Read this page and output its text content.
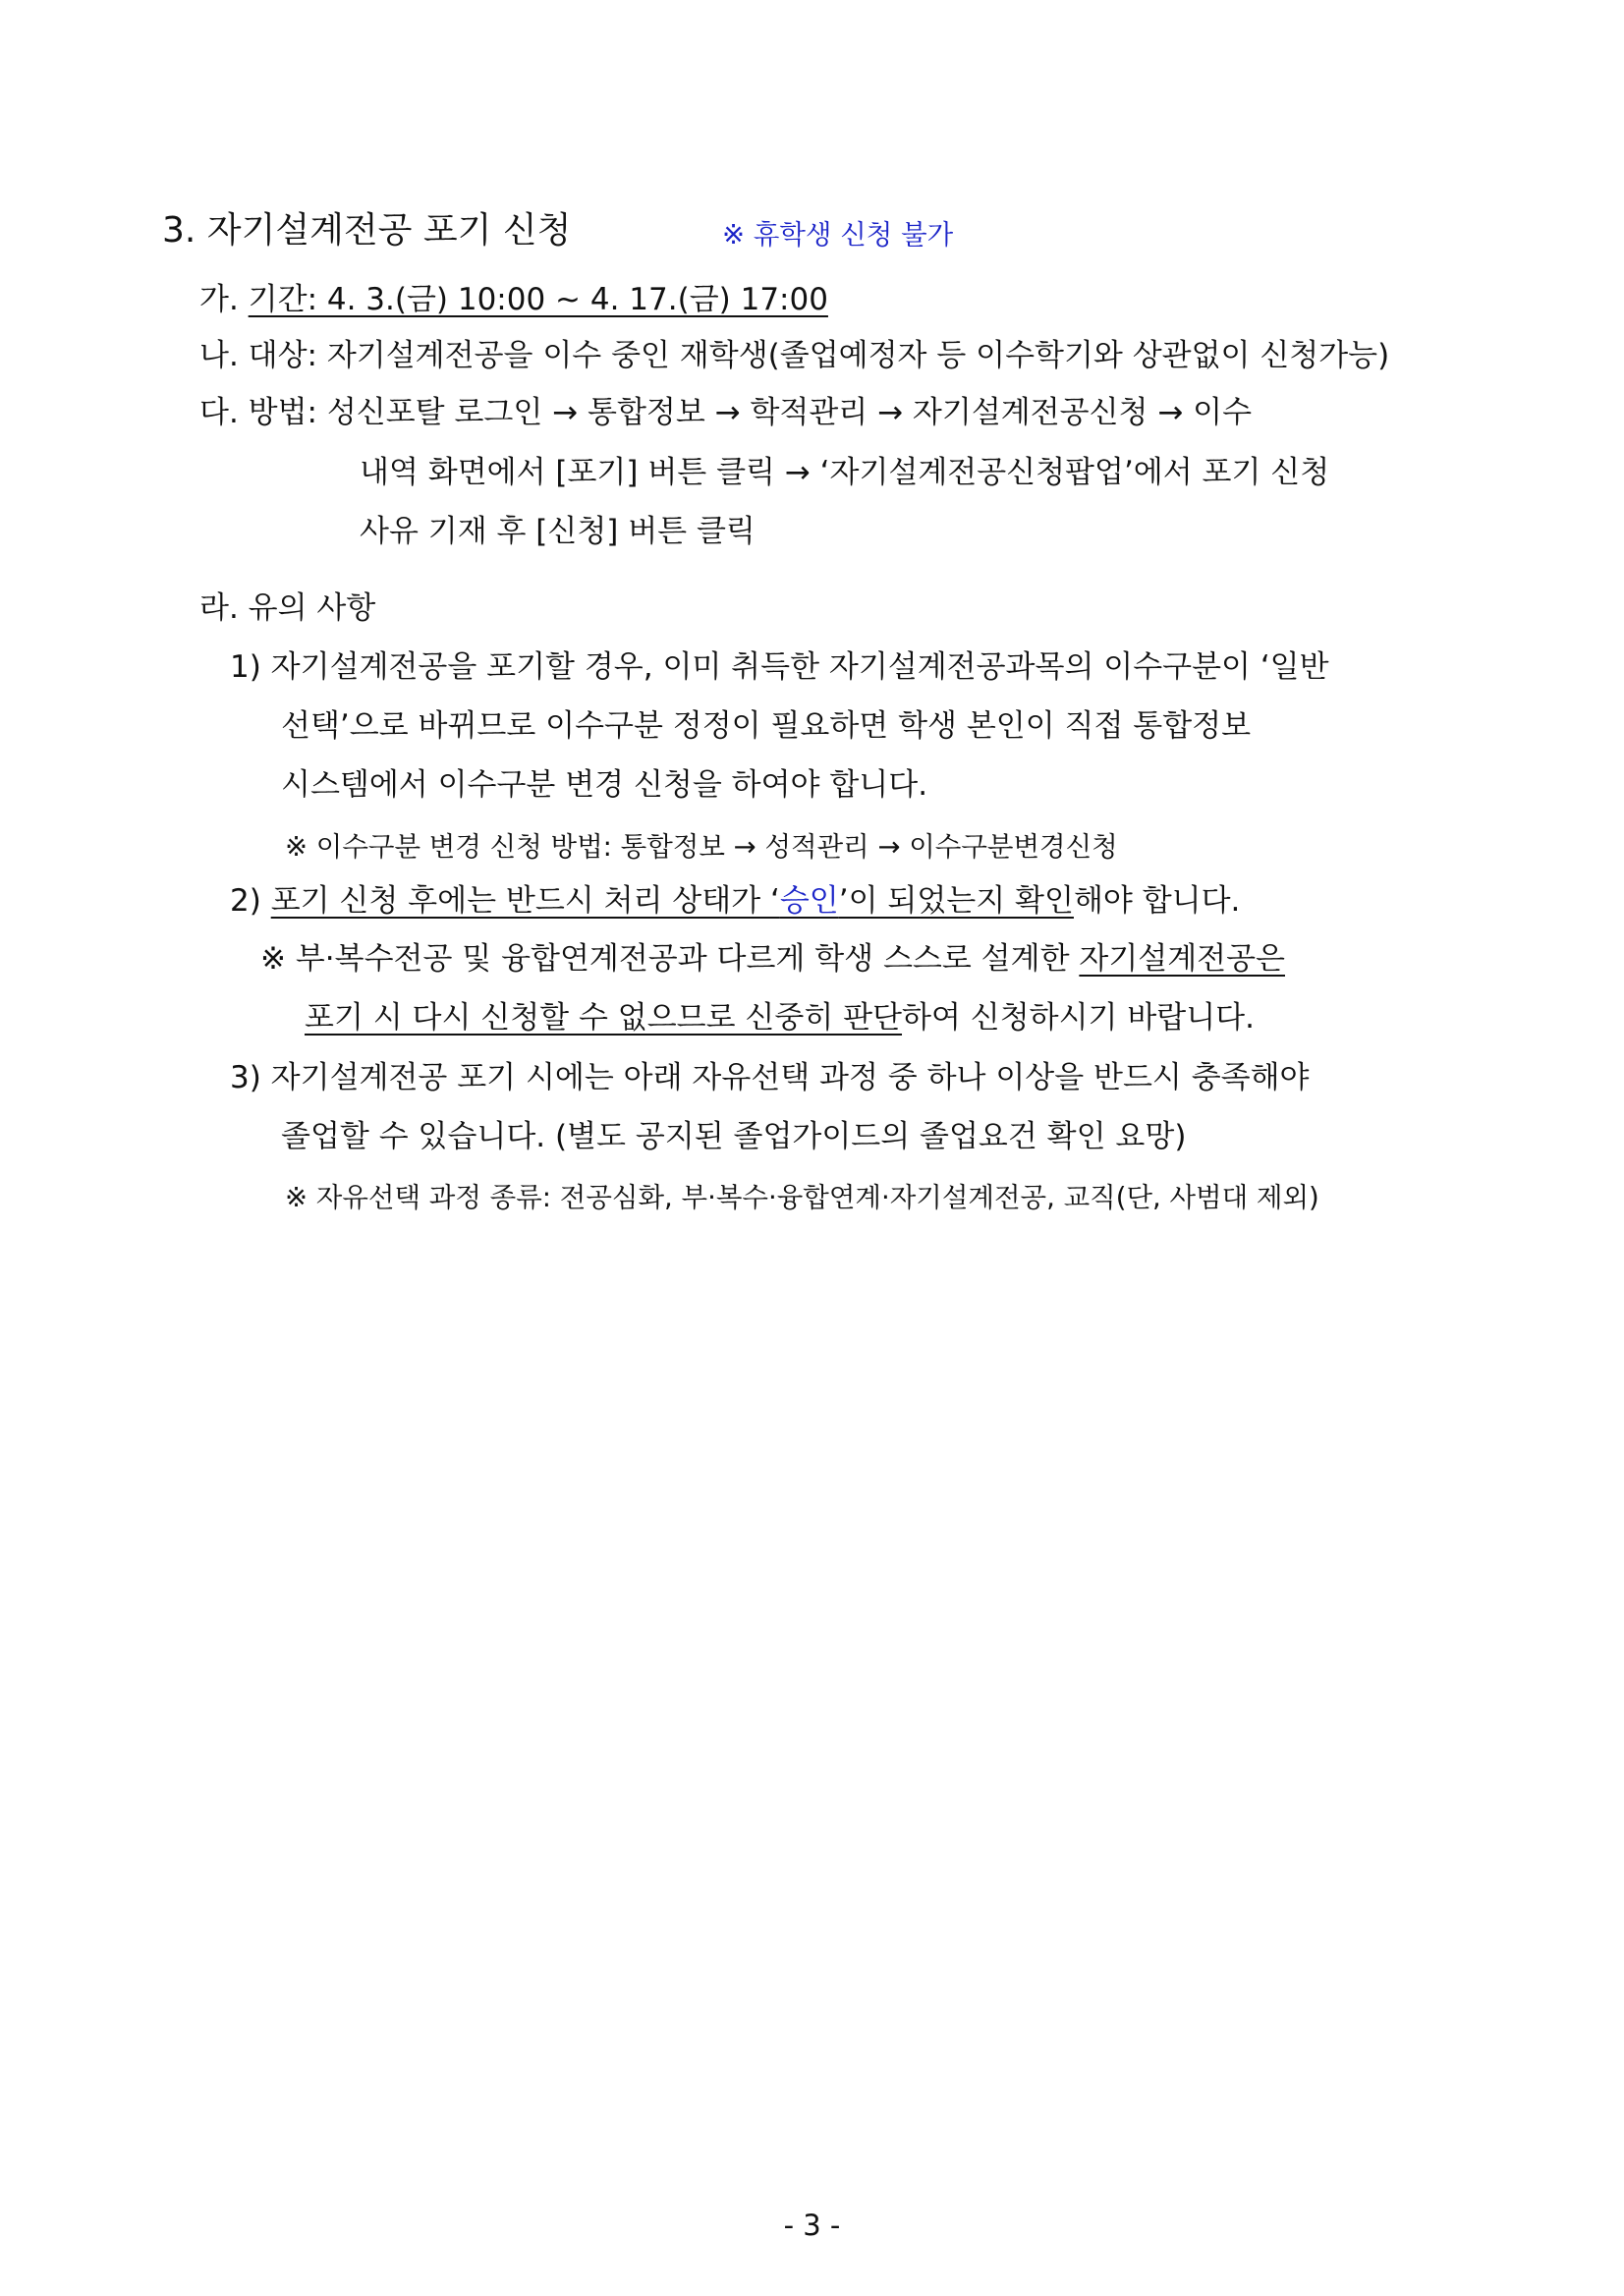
3. 자기설계전공 포기 신청	※ 휴학생 신청 불가
가. 기간: 4. 3.(금) 10:00 ~ 4. 17.(금) 17:00
나. 대상: 자기설계전공을 이수 중인 재학생(졸업예정자 등 이수학기와 상관없이 신청가능)
다. 방법: 성신포탈 로그인 → 통합정보 → 학적관리 → 자기설계전공신청 → 이수
내역 화면에서 [포기] 버튼 클릭 → ‘자기설계전공신청팝업’에서 포기 신청
사유 기재 후 [신청] 버튼 클릭
라. 유의 사항
1) 자기설계전공을 포기할 경우, 이미 취득한 자기설계전공과목의 이수구분이 ‘일반
선택’으로 바뀌므로 이수구분 정정이 필요하면 학생 본인이 직접 통합정보
시스템에서 이수구분 변경 신청을 하여야 합니다.
※ 이수구분 변경 신청 방법: 통합정보 → 성적관리 → 이수구분변경신청
2) 포기 신청 후에는 반드시 처리 상태가 ‘승인’이 되었는지 확인해야 합니다.
※ 부·복수전공 및 융합연계전공과 다르게 학생 스스로 설계한 자기설계전공은
포기 시 다시 신청할 수 없으므로 신중히 판단하여 신청하시기 바랍니다.
3) 자기설계전공 포기 시에는 아래 자유선택 과정 중 하나 이상을 반드시 충족해야
졸업할 수 있습니다. (별도 공지된 졸업가이드의 졸업요건 확인 요망)
※ 자유선택 과정 종류: 전공심화, 부·복수·융합연계·자기설계전공, 교직(단, 사범대 제외)
- 3 -
